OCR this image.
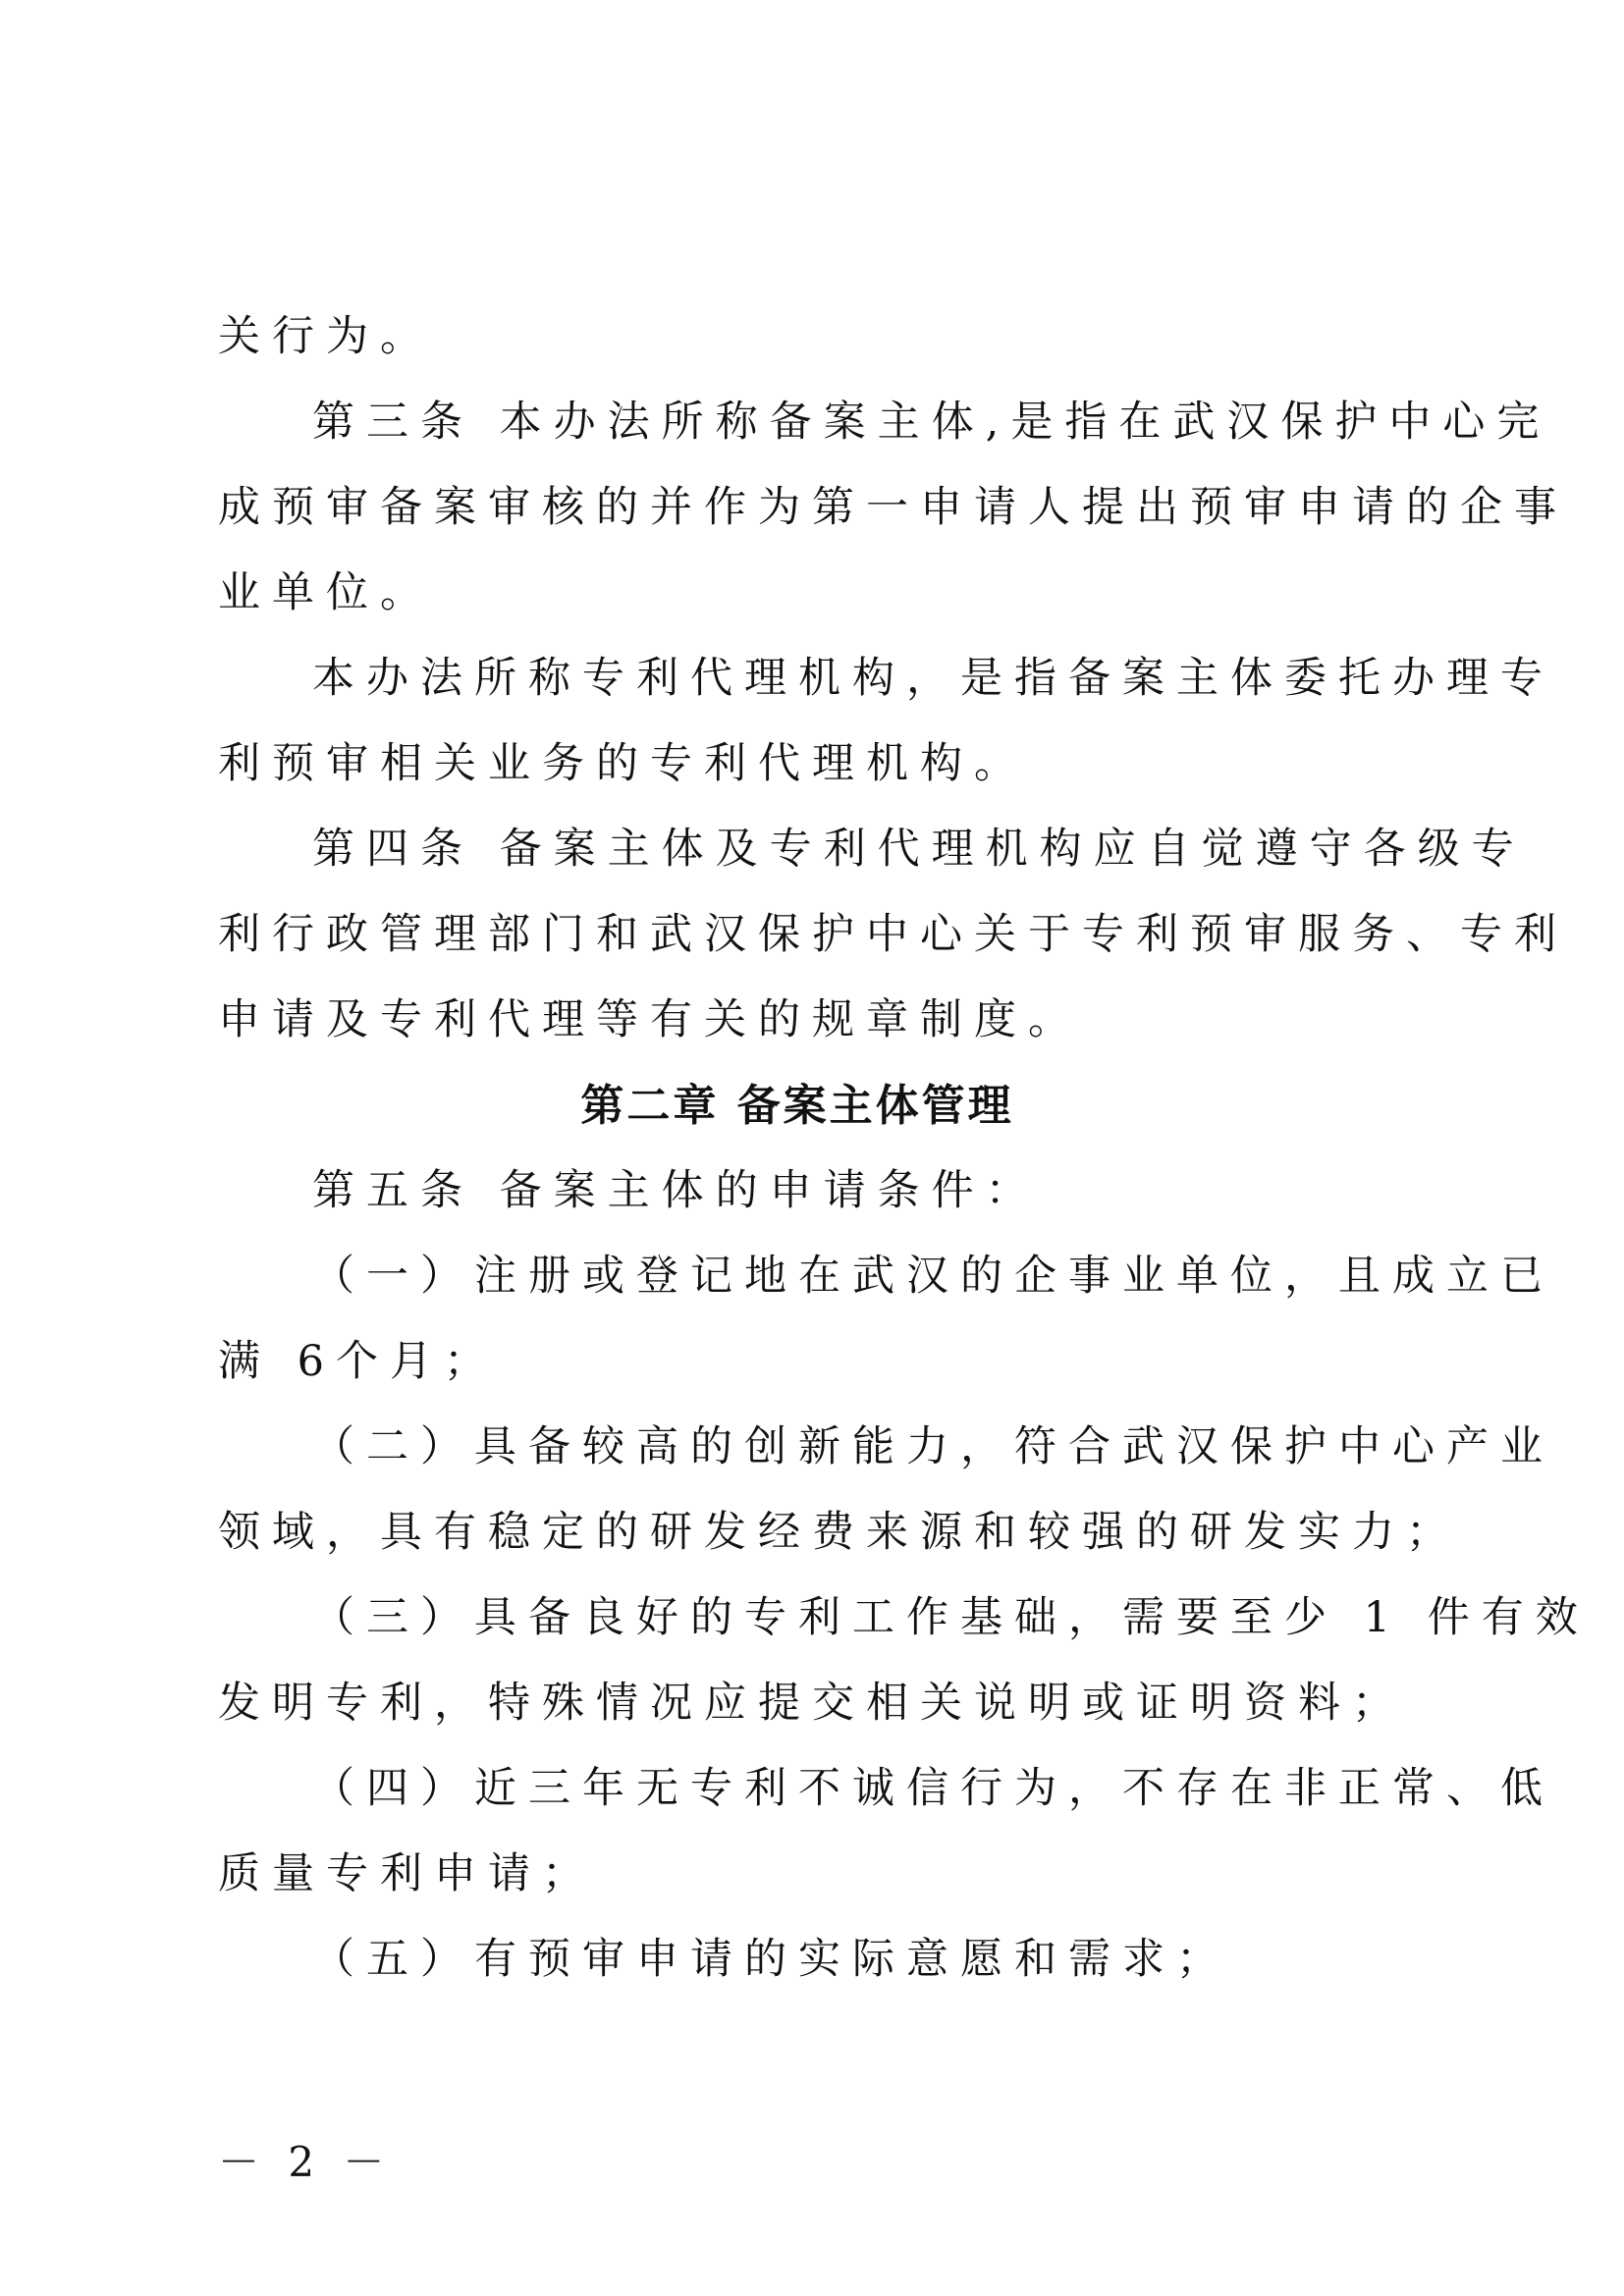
关行为。
第三条 本办法所称备案主体,是指在武汉保护中心完
成预审备案审核的并作为第一申请人提出预审申请的企事
业单位。
本办法所称专利代理机构，是指备案主体委托办理专
利预审相关业务的专利代理机构。
第四条 备案主体及专利代理机构应自觉遵守各级专
利行政管理部门和武汉保护中心关于专利预审服务、专利
申请及专利代理等有关的规章制度。
第二章 备案主体管理
第五条 备案主体的申请条件：
（一）注册或登记地在武汉的企事业单位，且成立已
满 6个月；
（二）具备较高的创新能力，符合武汉保护中心产业
领域，具有稳定的研发经费来源和较强的研发实力；
（三）具备良好的专利工作基础，需要至少 1 件有效
发明专利，特殊情况应提交相关说明或证明资料；
（四）近三年无专利不诚信行为，不存在非正常、低
质量专利申请；
（五）有预审申请的实际意愿和需求；
－ 2 －
